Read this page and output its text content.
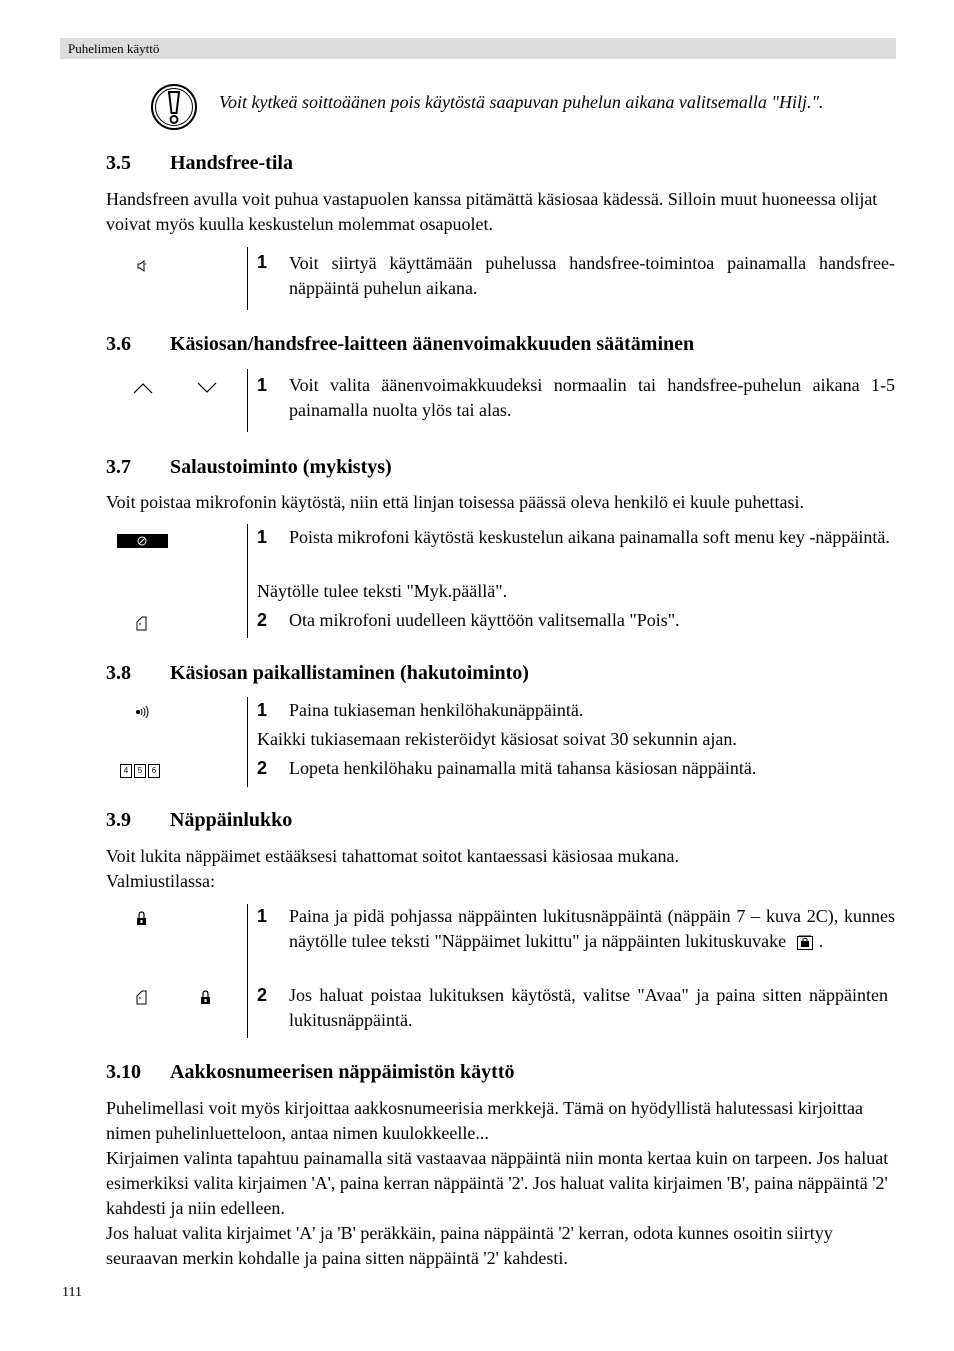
Puhelimen käyttö
Voit kytkeä soittoäänen pois käytöstä saapuvan puhelun aikana valitsemalla "Hilj.".
3.5 Handsfree-tila
Handsfreen avulla voit puhua vastapuolen kanssa pitämättä käsiosaa kädessä. Silloin muut huoneessa olijat voivat myös kuulla keskustelun molemmat osapuolet.
1 Voit siirtyä käyttämään puhelussa handsfree-toimintoa painamalla handsfree-näppäintä puhelun aikana.
3.6 Käsiosan/handsfree-laitteen äänenvoimakkuuden säätäminen
1 Voit valita äänenvoimakkuudeksi normaalin tai handsfree-puhelun aikana 1-5 painamalla nuolta ylös tai alas.
3.7 Salaustoiminto (mykistys)
Voit poistaa mikrofonin käytöstä, niin että linjan toisessa päässä oleva henkilö ei kuule puhettasi.
1 Poista mikrofoni käytöstä keskustelun aikana painamalla soft menu key -näppäintä.
Näytölle tulee teksti "Myk.päällä".
2 Ota mikrofoni uudelleen käyttöön valitsemalla "Pois".
3.8 Käsiosan paikallistaminen (hakutoiminto)
4 5 6
1 Paina tukiaseman henkilöhakunäppäintä.
Kaikki tukiasemaan rekisteröidyt käsiosat soivat 30 sekunnin ajan.
2 Lopeta henkilöhaku painamalla mitä tahansa käsiosan näppäintä.
3.9 Näppäinlukko
Voit lukita näppäimet estääksesi tahattomat soitot kantaessasi käsiosaa mukana.
Valmiustilassa:
1 Paina ja pidä pohjassa näppäinten lukitusnäppäintä (näppäin 7 – kuva 2C), kunnes näytölle tulee teksti "Näppäimet lukittu" ja näppäinten lukituskuvake .
2 Jos haluat poistaa lukituksen käytöstä, valitse "Avaa" ja paina sitten näppäinten lukitusnäppäintä.
3.10 Aakkosnumeerisen näppäimistön käyttö
Puhelimellasi voit myös kirjoittaa aakkosnumeerisia merkkejä. Tämä on hyödyllistä halutessasi kirjoittaa nimen puhelinluetteloon, antaa nimen kuulokkeelle...
Kirjaimen valinta tapahtuu painamalla sitä vastaavaa näppäintä niin monta kertaa kuin on tarpeen. Jos haluat esimerkiksi valita kirjaimen 'A', paina kerran näppäintä '2'. Jos haluat valita kirjaimen 'B', paina näppäintä '2' kahdesti ja niin edelleen.
Jos haluat valita kirjaimet 'A' ja 'B' peräkkäin, paina näppäintä '2' kerran, odota kunnes osoitin siirtyy seuraavan merkin kohdalle ja paina sitten näppäintä '2' kahdesti.
111
